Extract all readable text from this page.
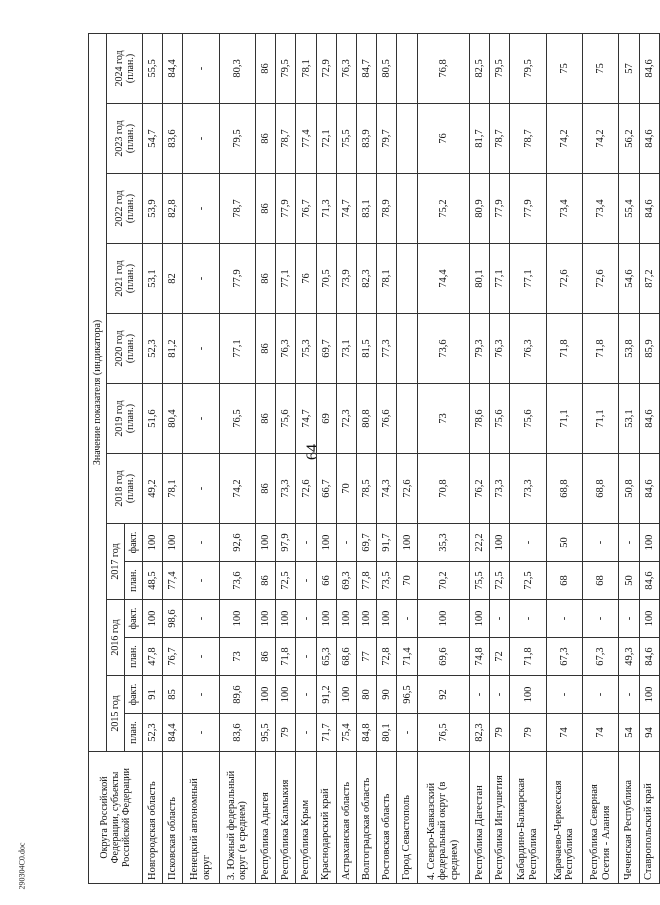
64
290304C0.doc
Округа Российской Федерации, субъекты Российской Федерации	Значение показателя (индикатора)												
	2015 год		2016 год		2017 год		2018 год (план.)	2019 год (план.)	2020 год (план.)	2021 год (план.)	2022 год (план.)	2023 год (план.)	2024 год (план.)
	план.	факт.	план.	факт.	план.	факт.							
Новгородская область	52,3	91	47,8	100	48,5	100	49,2	51,6	52,3	53,1	53,9	54,7	55,5
Псковская область	84,4	85	76,7	98,6	77,4	100	78,1	80,4	81,2	82	82,8	83,6	84,4
Ненецкий автономный округ	-	-	-	-	-	-	-	-	-	-	-	-	-
3. Южный федеральный округ (в среднем)	83,6	89,6	73	100	73,6	92,6	74,2	76,5	77,1	77,9	78,7	79,5	80,3
Республика Адыгея	95,5	100	86	100	86	100	86	86	86	86	86	86	86
Республика Калмыкия	79	100	71,8	100	72,5	97,9	73,3	75,6	76,3	77,1	77,9	78,7	79,5
Республика Крым	-	-	-	-	-	-	72,6	74,7	75,3	76	76,7	77,4	78,1
Краснодарский край	71,7	91,2	65,3	100	66	100	66,7	69	69,7	70,5	71,3	72,1	72,9
Астраханская область	75,4	100	68,6	100	69,3	-	70	72,3	73,1	73,9	74,7	75,5	76,3
Волгоградская область	84,8	80	77	100	77,8	69,7	78,5	80,8	81,5	82,3	83,1	83,9	84,7
Ростовская область	80,1	90	72,8	100	73,5	91,7	74,3	76,6	77,3	78,1	78,9	79,7	80,5
Город Севастополь	-	96,5	71,4	-	70	100	72,6						
4. Северо-Кавказский федеральный округ (в среднем)	76,5	92	69,6	100	70,2	35,3	70,8	73	73,6	74,4	75,2	76	76,8
Республика Дагестан	82,3	-	74,8	100	75,5	22,2	76,2	78,6	79,3	80,1	80,9	81,7	82,5
Республика Ингушетия	79	-	72	-	72,5	100	73,3	75,6	76,3	77,1	77,9	78,7	79,5
Кабардино-Балкарская Республика	79	100	71,8	-	72,5	-	73,3	75,6	76,3	77,1	77,9	78,7	79,5
Карачаево-Черкесская Республика	74	-	67,3	-	68	50	68,8	71,1	71,8	72,6	73,4	74,2	75
Республика Северная Осетия - Алания	74	-	67,3	-	68	-	68,8	71,1	71,8	72,6	73,4	74,2	75
Чеченская Республика	54	-	49,3	-	50	-	50,8	53,1	53,8	54,6	55,4	56,2	57
Ставропольский край	94	100	84,6	100	84,6	100	84,6	84,6	85,9	87,2	84,6	84,6	84,6
